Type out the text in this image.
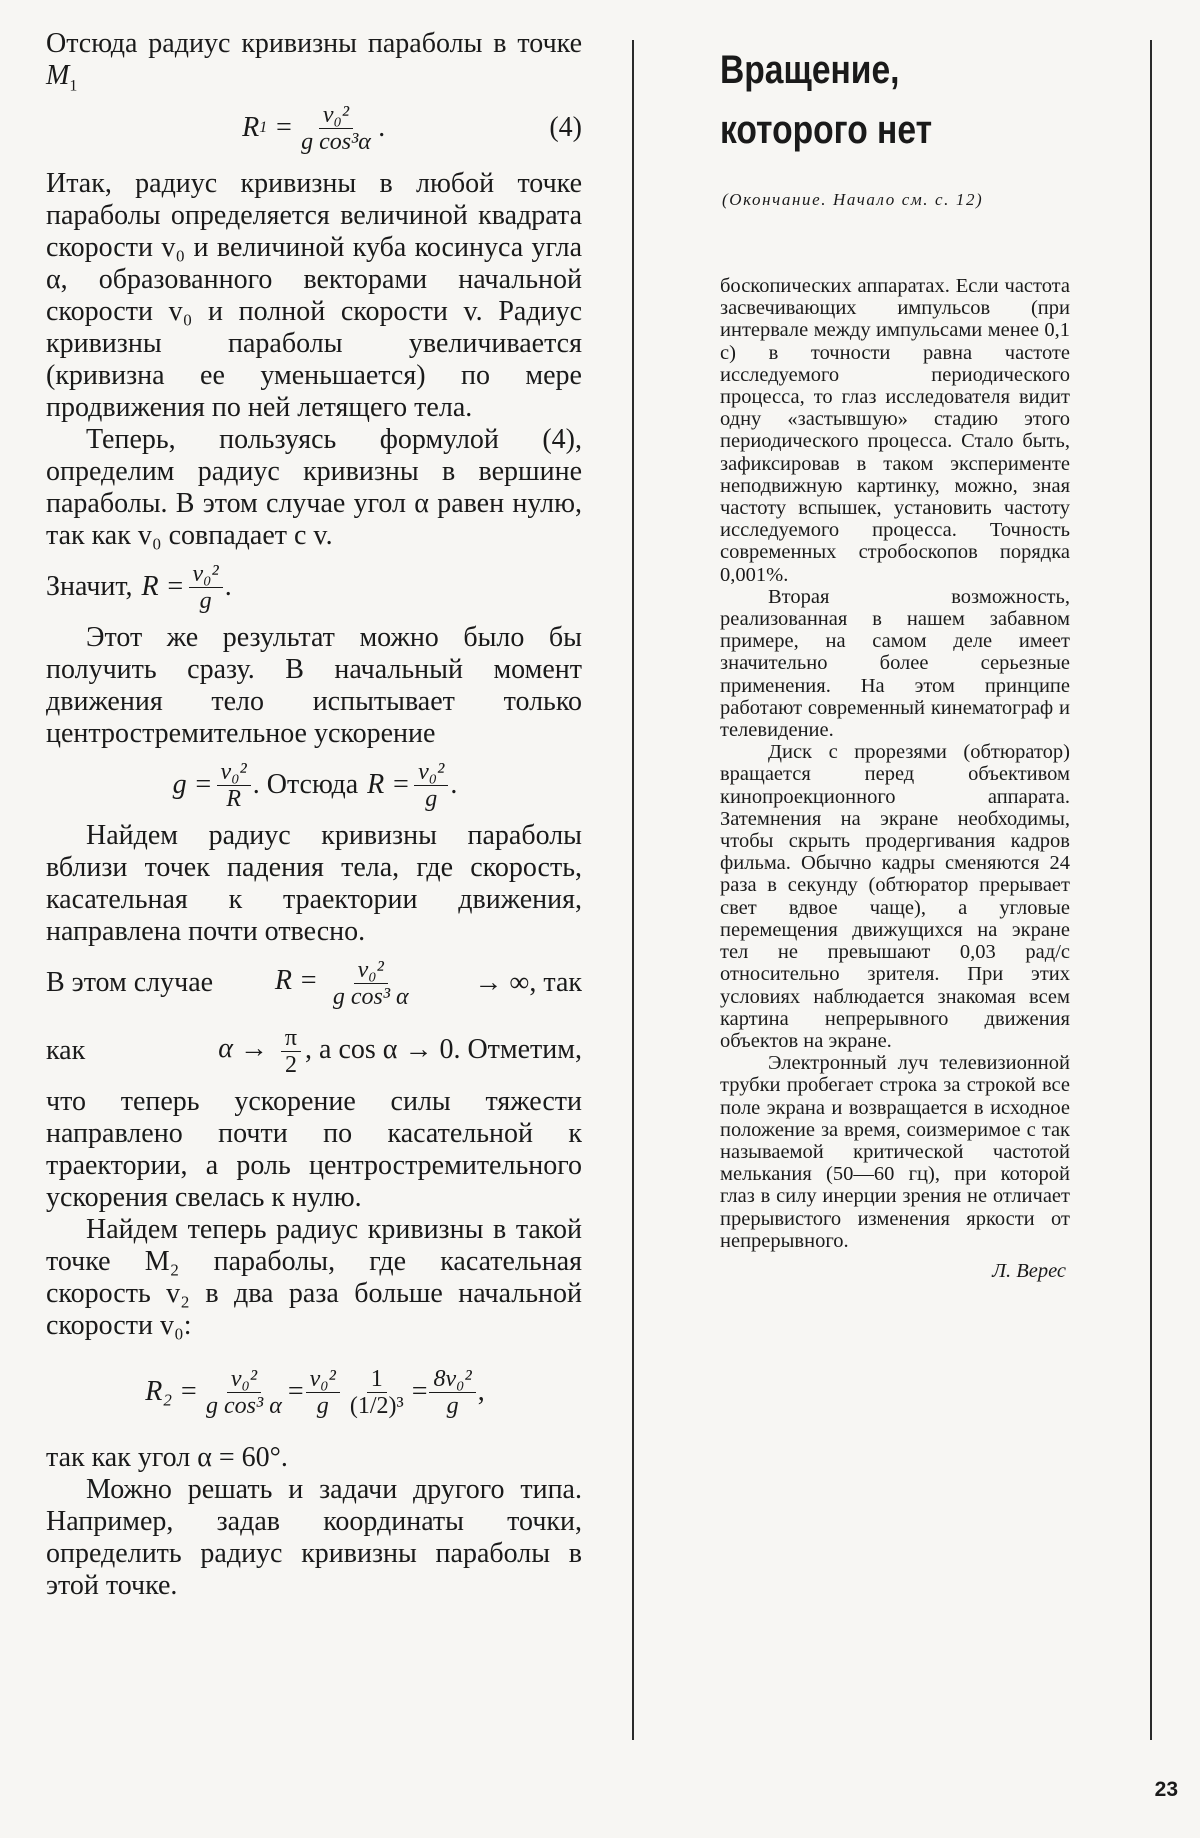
Отсюда радиус кривизны параболы в точке $M_1$

R 1
= $\frac{\text{v₀²}}{\text{g cos³α}}$ .	(4)

Итак, радиус кривизны в любой точке параболы определяется величиной квадрата скорости v₀ и величиной куба косинуса угла α, образованного векторами начальной скорости v₀ и полной скорости v. Радиус кривизны параболы увеличивается (кривизна ее уменьшается) по мере продвижения по ней летящего тела.

Теперь, пользуясь формулой (4), определим радиус кривизны в вершине параболы. В этом случае угол α равен нулю, так как v₀ совпадает с v.

Значит,
$R = \frac{\text{v₀²}}{g}$ .

Этот же результат можно было бы получить сразу. В начальный момент движения тело испытывает только центростремительное ускорение

$g = \frac{\text{v₀²}}{R}$ . Отсюда
$R = \frac{\text{v₀²}}{g}$ .

Найдем радиус кривизны параболы вблизи точек падения тела, где скорость, касательная к траектории движения, направлена почти отвесно.

В этом случае $R = \frac{\text{v₀²}}{\text{g cos³ α}}$ → ∞, так
как	$\alpha \to \frac{\pi}{2}$ , a cos α → 0. Отметим,

что теперь ускорение силы тяжести направлено почти по касательной к траектории, а роль центростремительного ускорения свелась к нулю.

Найдем теперь радиус кривизны в такой точке M₂ параболы, где касательная скорость v₂ в два раза больше начальной скорости v₀:

$R_2 = \frac{\text{v₀²}}{\text{g cos³ α}} = \frac{\text{v₀²}}{g} \frac{1}{\text{(1/2)³}} = \frac{\text{8v₀²}}{g}$ ,

так как угол α = 60°.

Можно решать и задачи другого типа. Например, задав координаты точки, определить радиус кривизны параболы в этой точке.

Вращение,
которого нет
(Окончание. Начало см. с. 12)

боскопических аппаратах. Если частота засвечивающих импульсов (при интервале между импульсами менее 0,1 с) в точности равна частоте исследуемого периодического процесса, то глаз исследователя видит одну «застывшую» стадию этого периодического процесса. Стало быть, зафиксировав в таком эксперименте неподвижную картинку, можно, зная частоту вспышек, установить частоту исследуемого процесса. Точность современных стробоскопов порядка 0,001%.

Вторая возможность, реализованная в нашем забавном примере, на самом деле имеет значительно более серьезные применения. На этом принципе работают современный кинематограф и телевидение.

Диск с прорезями (обтюратор) вращается перед объективом кинопроекционного аппарата. Затемнения на экране необходимы, чтобы скрыть продергивания кадров фильма. Обычно кадры сменяются 24 раза в секунду (обтюратор прерывает свет вдвое чаще), а угловые перемещения движущихся на экране тел не превышают 0,03 рад/с относительно зрителя. При этих условиях наблюдается знакомая всем картина непрерывного движения объектов на экране.

Электронный луч телевизионной трубки пробегает строка за строкой все поле экрана и возвращается в исходное положение за время, соизмеримое с так называемой критической частотой мелькания (50—60 гц), при которой глаз в силу инерции зрения не отличает прерывистого изменения яркости от непрерывного.

Л. Верес

23
